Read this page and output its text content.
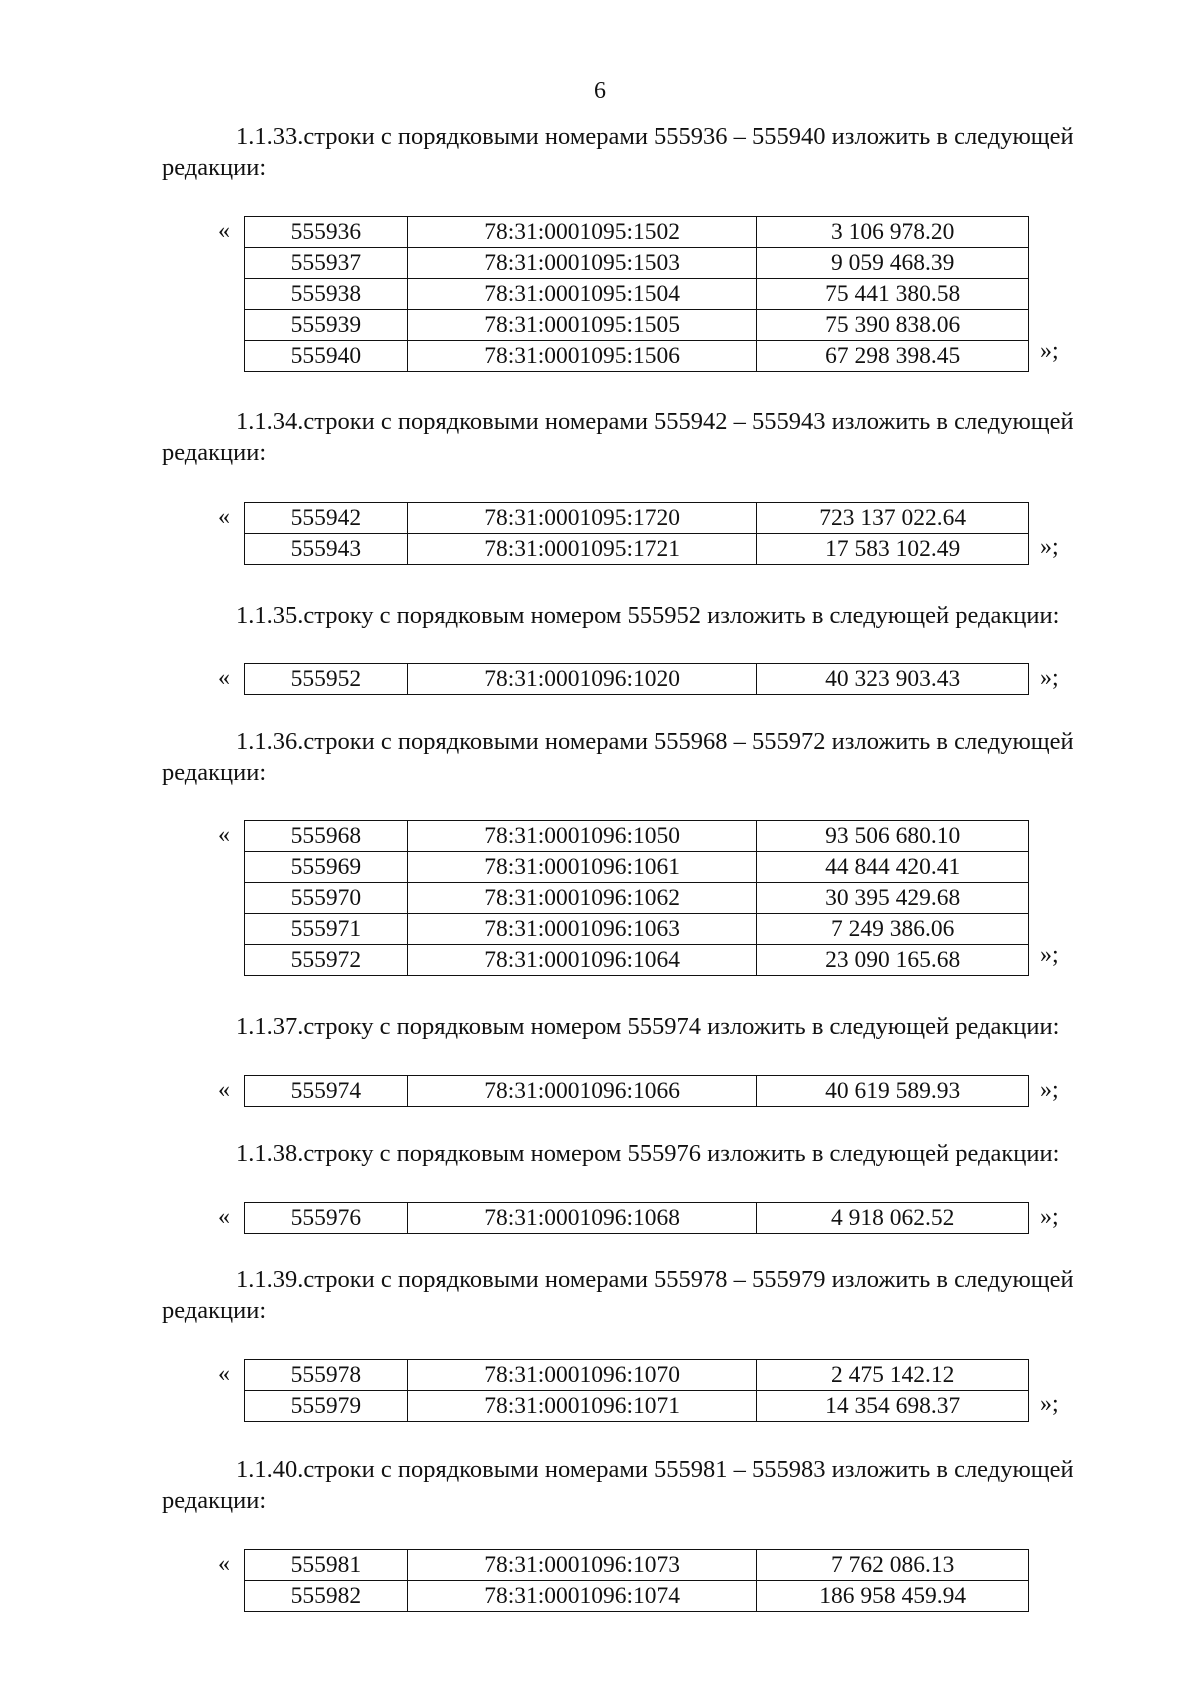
6
1.1.33.строки с порядковыми номерами 555936 – 555940 изложить в следующей
редакции:
«	555936	78:31:0001095:1502	3 106 978.20
555937	78:31:0001095:1503	9 059 468.39
555938	78:31:0001095:1504	75 441 380.58
555939	78:31:0001095:1505	75 390 838.06
555940	78:31:0001095:1506	67 298 398.45	»;
1.1.34.строки с порядковыми номерами 555942 – 555943 изложить в следующей
редакции:
«	555942	78:31:0001095:1720	723 137 022.64
555943	78:31:0001095:1721	17 583 102.49	»;
1.1.35.строку с порядковым номером 555952 изложить в следующей редакции:
«	555952	78:31:0001096:1020	40 323 903.43	»;
1.1.36.строки с порядковыми номерами 555968 – 555972 изложить в следующей
редакции:
«	555968	78:31:0001096:1050	93 506 680.10
555969	78:31:0001096:1061	44 844 420.41
555970	78:31:0001096:1062	30 395 429.68
555971	78:31:0001096:1063	7 249 386.06
555972	78:31:0001096:1064	23 090 165.68	»;
1.1.37.строку с порядковым номером 555974 изложить в следующей редакции:
«	555974	78:31:0001096:1066	40 619 589.93	»;
1.1.38.строку с порядковым номером 555976 изложить в следующей редакции:
«	555976	78:31:0001096:1068	4 918 062.52	»;
1.1.39.строки с порядковыми номерами 555978 – 555979 изложить в следующей
редакции:
«	555978	78:31:0001096:1070	2 475 142.12
555979	78:31:0001096:1071	14 354 698.37	»;
1.1.40.строки с порядковыми номерами 555981 – 555983 изложить в следующей
редакции:
«	555981	78:31:0001096:1073	7 762 086.13
555982	78:31:0001096:1074	186 958 459.94
